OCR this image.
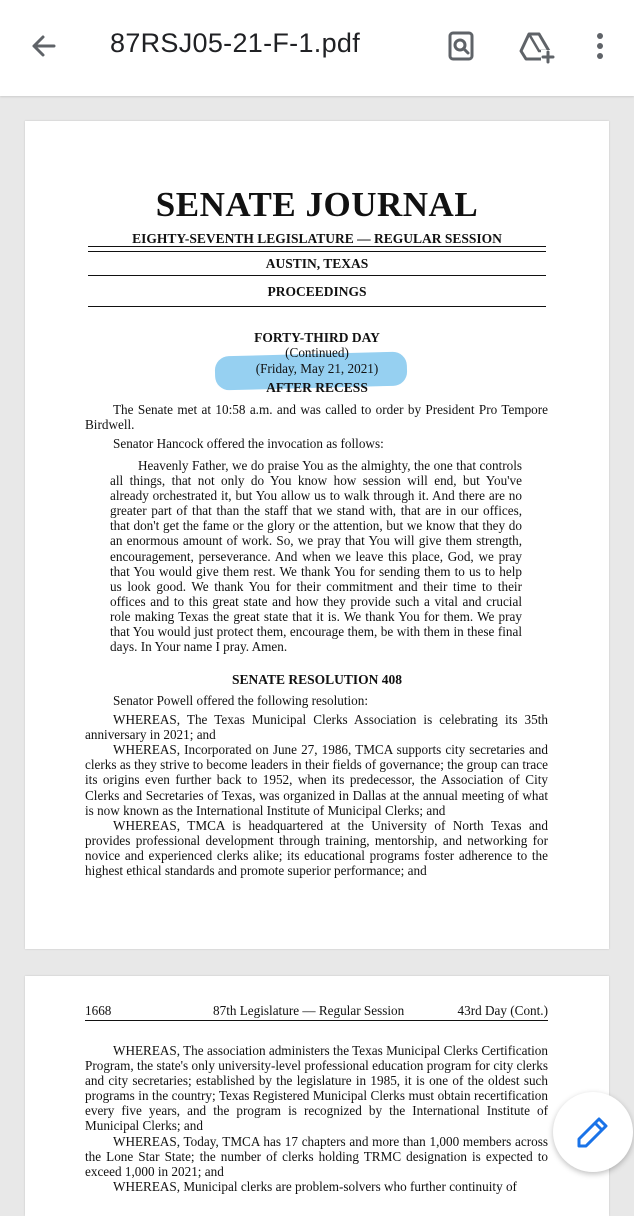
87RSJ05-21-F-1.pdf
SENATE JOURNAL
EIGHTY-SEVENTH LEGISLATURE — REGULAR SESSION
AUSTIN, TEXAS
PROCEEDINGS
FORTY-THIRD DAY
(Continued)
(Friday, May 21, 2021)
AFTER RECESS

The Senate met at 10:58 a.m. and was called to order by President Pro Tempore Birdwell.

Senator Hancock offered the invocation as follows:

Heavenly Father, we do praise You as the almighty, the one that controls all things, that not only do You know how session will end, but You've already orchestrated it, but You allow us to walk through it. And there are no greater part of that than the staff that we stand with, that are in our offices, that don't get the fame or the glory or the attention, but we know that they do an enormous amount of work. So, we pray that You will give them strength, encouragement, perseverance. And when we leave this place, God, we pray that You would give them rest. We thank You for sending them to us to help us look good. We thank You for their commitment and their time to their offices and to this great state and how they provide such a vital and crucial role making Texas the great state that it is. We thank You for them. We pray that You would just protect them, encourage them, be with them in these final days. In Your name I pray. Amen.

SENATE RESOLUTION 408

Senator Powell offered the following resolution:

WHEREAS, The Texas Municipal Clerks Association is celebrating its 35th anniversary in 2021; and

WHEREAS, Incorporated on June 27, 1986, TMCA supports city secretaries and clerks as they strive to become leaders in their fields of governance; the group can trace its origins even further back to 1952, when its predecessor, the Association of City Clerks and Secretaries of Texas, was organized in Dallas at the annual meeting of what is now known as the International Institute of Municipal Clerks; and

WHEREAS, TMCA is headquartered at the University of North Texas and provides professional development through training, mentorship, and networking for novice and experienced clerks alike; its educational programs foster adherence to the highest ethical standards and promote superior performance; and

1668	87th Legislature — Regular Session	43rd Day (Cont.)

WHEREAS, The association administers the Texas Municipal Clerks Certification Program, the state's only university-level professional education program for city clerks and city secretaries; established by the legislature in 1985, it is one of the oldest such programs in the country; Texas Registered Municipal Clerks must obtain recertification every five years, and the program is recognized by the International Institute of Municipal Clerks; and

WHEREAS, Today, TMCA has 17 chapters and more than 1,000 members across the Lone Star State; the number of clerks holding TRMC designation is expected to exceed 1,000 in 2021; and

WHEREAS, Municipal clerks are problem-solvers who further continuity of
